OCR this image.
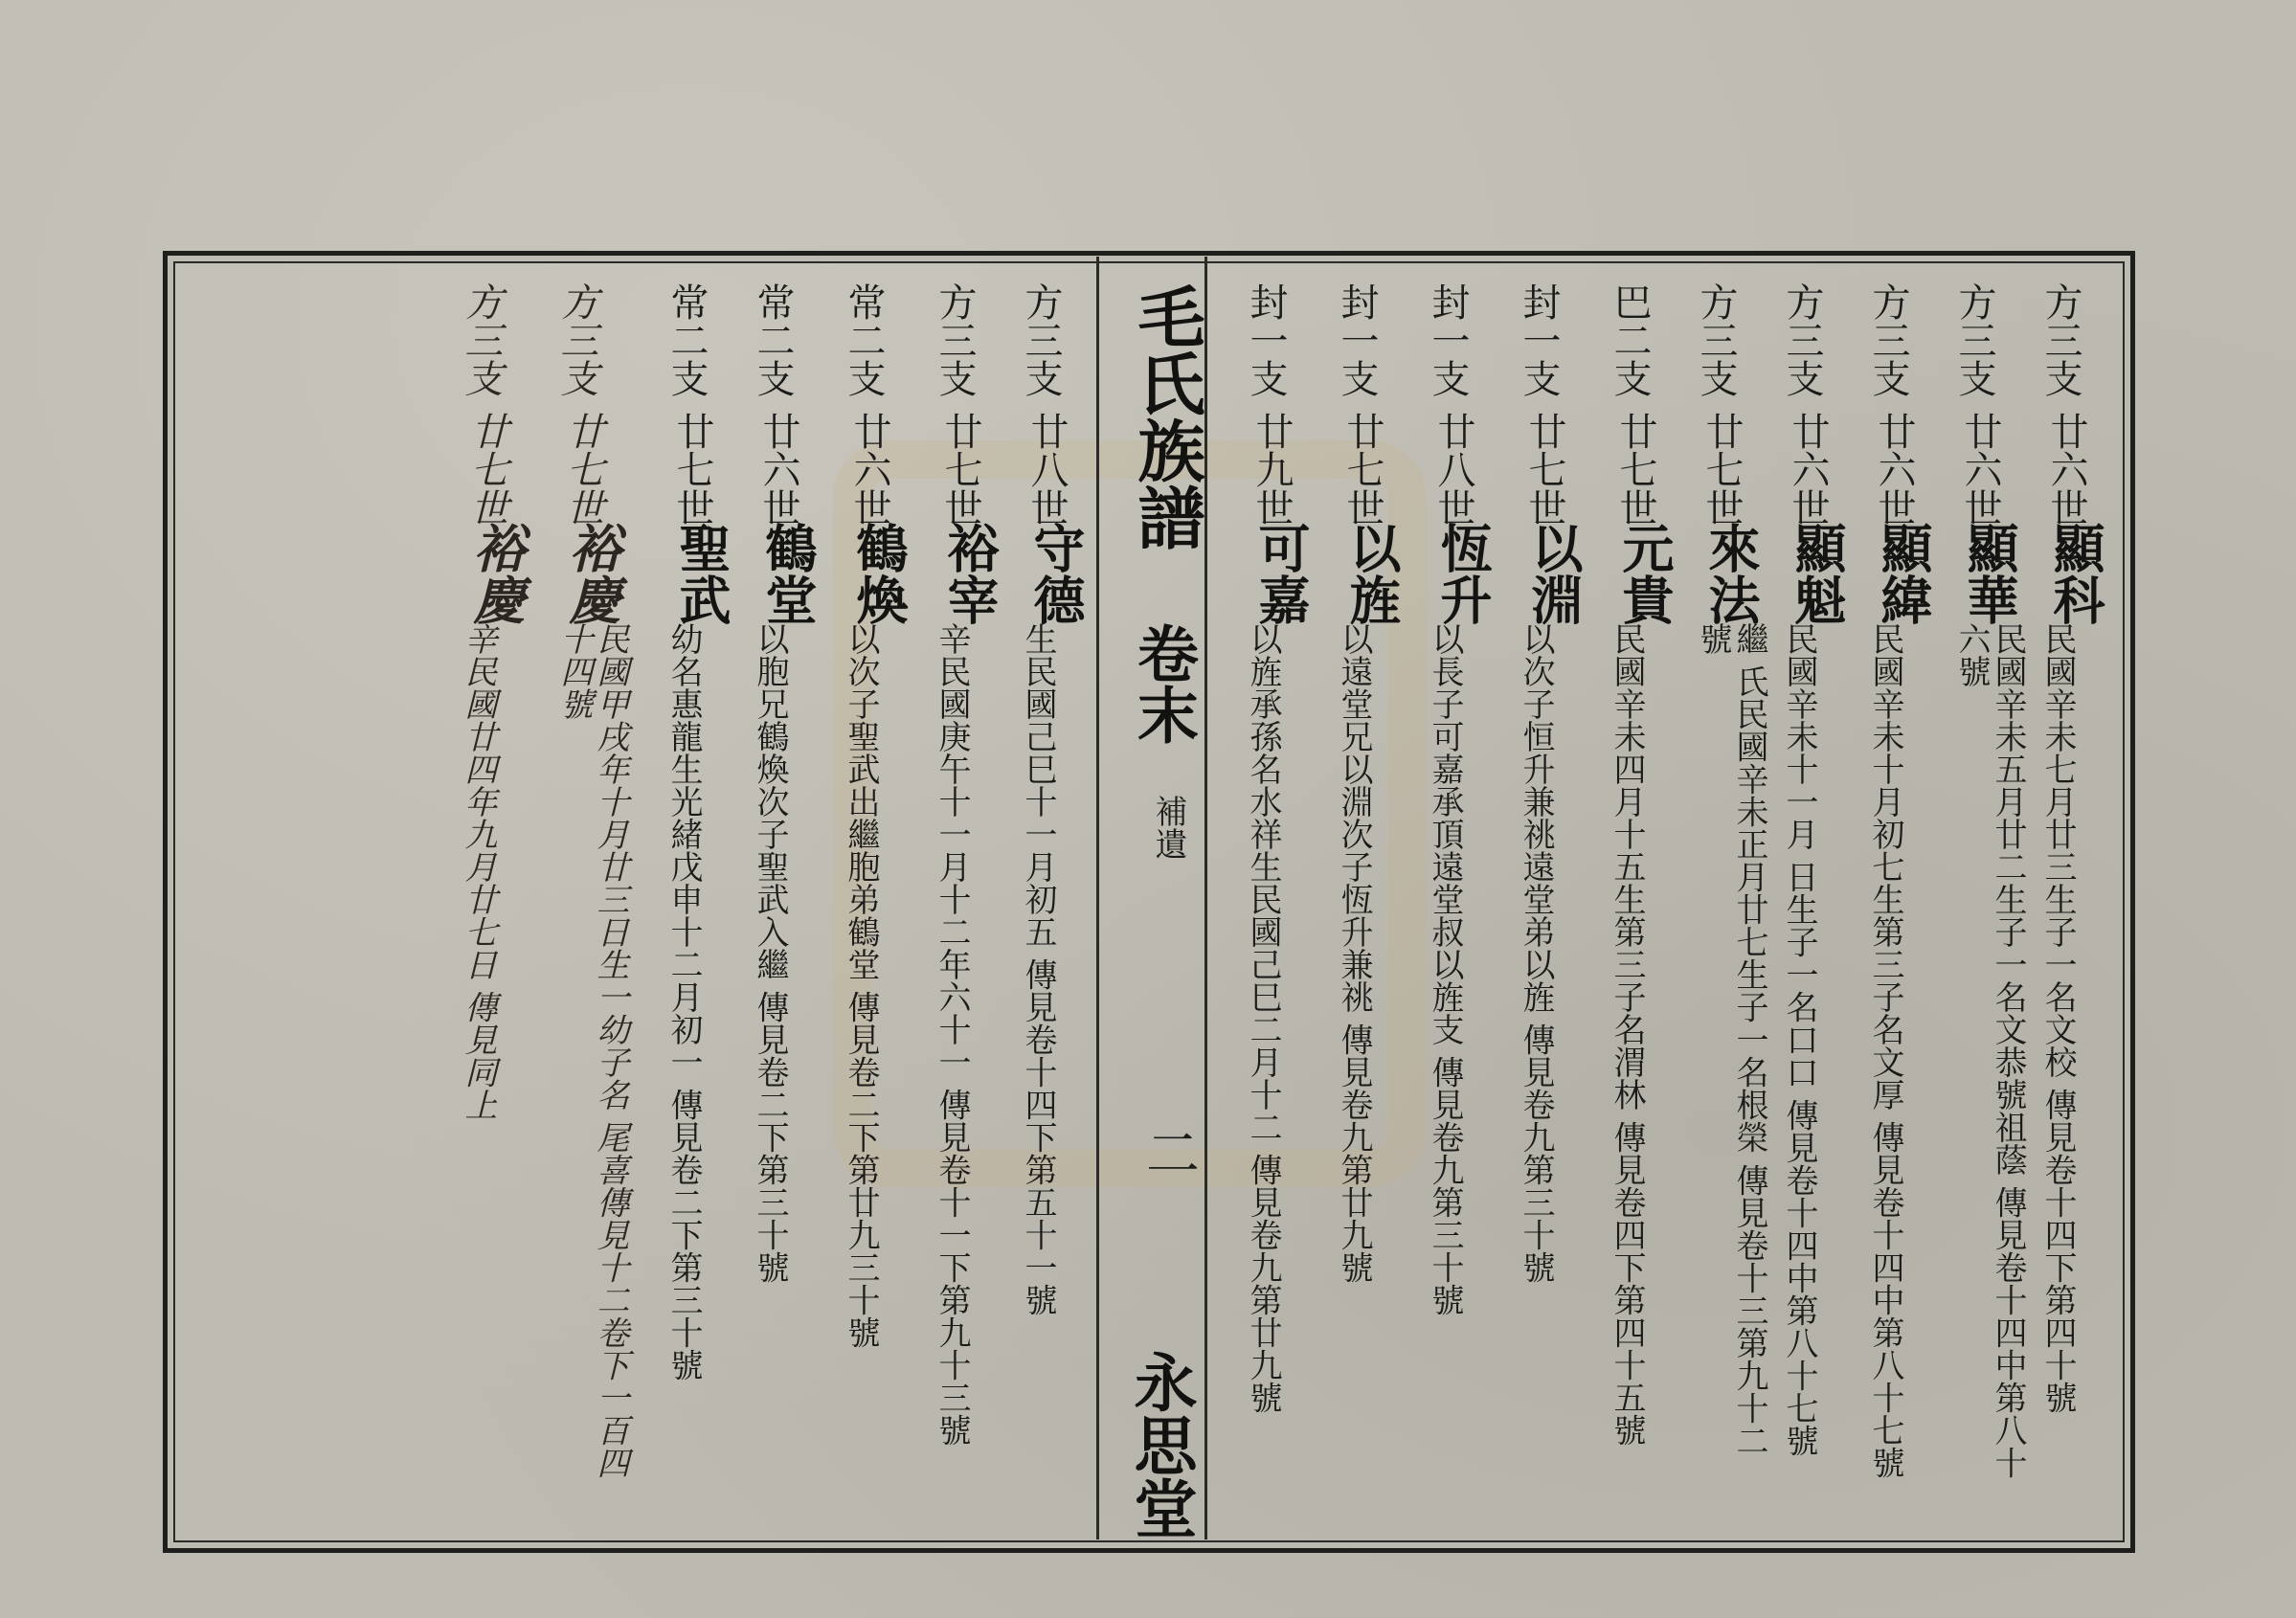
毛氏族譜
卷末
補遺
二
永思堂
方三支
廿六世
顯科
民國辛未七月廿三生子一名文校 傳見卷十四下第四十號
方三支
廿六世
顯華
民國辛未五月廿二生子一名文恭號祖蔭 傳見卷十四中第八十六號
方三支
廿六世
顯緯
民國辛未十月初七生第三子名文厚 傳見卷十四中第八十七號
方三支
廿六世
顯魁
民國辛未十一月 日生子一名口口 傳見卷十四中第八十七號
方三支
廿七世
來法
繼 氏民國辛未正月廿七生子一名根榮 傳見卷十三第九十二號
巴二支
廿七世
元貴
民國辛未四月十五生第三子名渭林 傳見卷四下第四十五號
封一支
廿七世
以淵
以次子恒升兼祧遠堂弟以旌 傳見卷九第三十號
封一支
廿八世
恆升
以長子可嘉承頂遠堂叔以旌支 傳見卷九第三十號
封一支
廿七世
以旌
以遠堂兄以淵次子恆升兼祧 傳見卷九第廿九號
封一支
廿九世
可嘉
以旌承孫名水祥生民國己巳二月十二 傳見卷九第廿九號
方三支
廿八世
守德
生民國己巳十一月初五 傳見卷十四下第五十一號
方三支
廿七世
裕宰
辛民國庚午十一月十二年六十一 傳見卷十一下第九十三號
常二支
廿六世
鶴煥
以次子聖武出繼胞弟鶴堂 傳見卷二下第廿九三十號
常二支
廿六世
鶴堂
以胞兄鶴煥次子聖武入繼 傳見卷二下第三十號
常二支
廿七世
聖武
幼名惠龍生光緒戊申十二月初一 傳見卷二下第三十號
方三支
廿七世
裕慶
民國甲戌年十月廿三日生一幼子名 尾喜傳見十二卷下一百四十四號
方三支
廿七世
裕慶
辛民國廿四年九月廿七日 傳見同上
